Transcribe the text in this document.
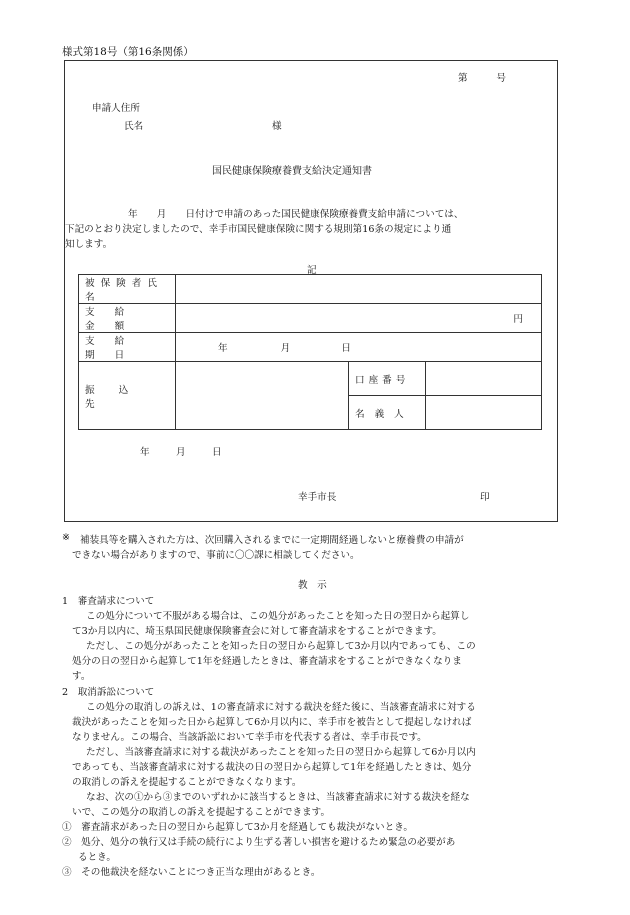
様式第18号（第16条関係）
第　　　号
申請人住所
氏名	様
国民健康保険療養費支給決定通知書
年　　月　　日付けで申請のあった国民健康保険療養費支給申請については、
下記のとおり決定しましたので、幸手市国民健康保険に関する規則第16条の規定により通
知します。
記
被保険者氏名			
支給金額	円		
支給期日	年 月 日		
振込先		口座番号	
		名義人	
年	月	日
幸手市長	印
※ 補装具等を購入された方は、次回購入されるまでに一定期間経過しないと療養費の申請が
できない場合がありますので、事前に〇〇課に相談してください。
教　示
1　審査請求について
この処分について不服がある場合は、この処分があったことを知った日の翌日から起算し
て3か月以内に、埼玉県国民健康保険審査会に対して審査請求をすることができます。
ただし、この処分があったことを知った日の翌日から起算して3か月以内であっても、この
処分の日の翌日から起算して1年を経過したときは、審査請求をすることができなくなりま
す。
2　取消訴訟について
この処分の取消しの訴えは、1の審査請求に対する裁決を経た後に、当該審査請求に対する
裁決があったことを知った日から起算して6か月以内に、幸手市を被告として提起しなければ
なりません。この場合、当該訴訟において幸手市を代表する者は、幸手市長です。
ただし、当該審査請求に対する裁決があったことを知った日の翌日から起算して6か月以内
であっても、当該審査請求に対する裁決の日の翌日から起算して1年を経過したときは、処分
の取消しの訴えを提起することができなくなります。
なお、次の①から③までのいずれかに該当するときは、当該審査請求に対する裁決を経な
いで、この処分の取消しの訴えを提起することができます。
①　審査請求があった日の翌日から起算して3か月を経過しても裁決がないとき。
②　処分、処分の執行又は手続の続行により生ずる著しい損害を避けるため緊急の必要があ
るとき。
③　その他裁決を経ないことにつき正当な理由があるとき。
